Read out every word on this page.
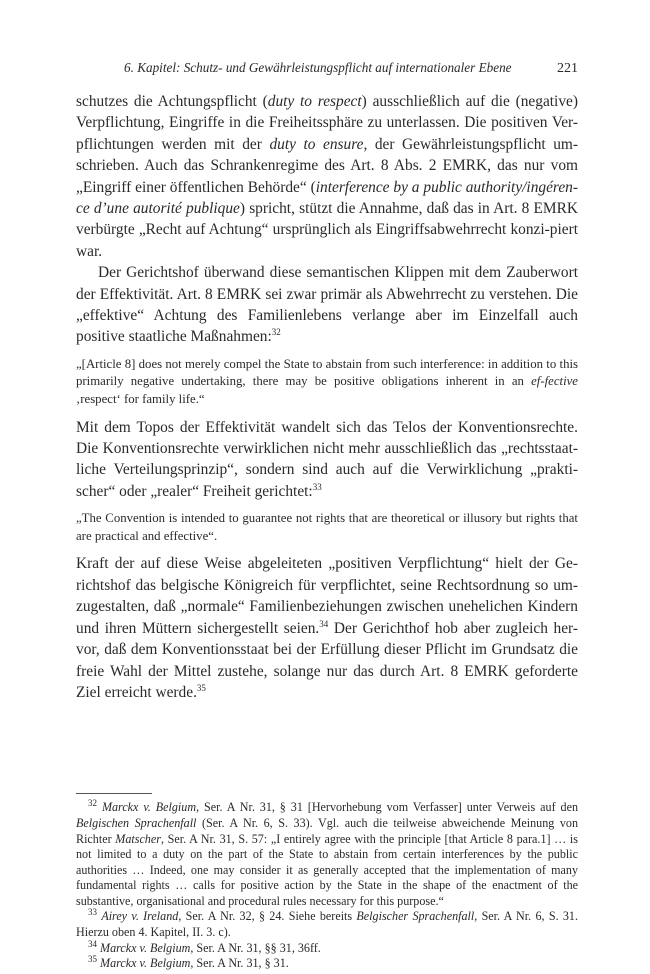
6. Kapitel: Schutz- und Gewährleistungspflicht auf internationaler Ebene	221

schutzes die Achtungspflicht (duty to respect) ausschließlich auf die (negative) Verpflichtung, Eingriffe in die Freiheitssphäre zu unterlassen. Die positiven Ver-pflichtungen werden mit der duty to ensure, der Gewährleistungspflicht um-schrieben. Auch das Schrankenregime des Art. 8 Abs. 2 EMRK, das nur vom „Eingriff einer öffentlichen Behörde“ (interference by a public authority/ingéren-ce d’une autorité publique) spricht, stützt die Annahme, daß das in Art. 8 EMRK verbürgte „Recht auf Achtung“ ursprünglich als Eingriffsabwehrrecht konzi-piert war.

Der Gerichtshof überwand diese semantischen Klippen mit dem Zauberwort der Effektivität. Art. 8 EMRK sei zwar primär als Abwehrrecht zu verstehen. Die „effektive“ Achtung des Familienlebens verlange aber im Einzelfall auch positive staatliche Maßnahmen:$^{32}$

„[Article 8] does not merely compel the State to abstain from such interference: in addition to this primarily negative undertaking, there may be positive obligations inherent in an ef-fective ‚respect‘ for family life.“

Mit dem Topos der Effektivität wandelt sich das Telos der Konventionsrechte. Die Konventionsrechte verwirklichen nicht mehr ausschließlich das „rechtsstaat-liche Verteilungsprinzip“, sondern sind auch auf die Verwirklichung „prakti-scher“ oder „realer“ Freiheit gerichtet:$^{33}$

„The Convention is intended to guarantee not rights that are theoretical or illusory but rights that are practical and effective“.

Kraft der auf diese Weise abgeleiteten „positiven Verpflichtung“ hielt der Ge-richtshof das belgische Königreich für verpflichtet, seine Rechtsordnung so um-zugestalten, daß „normale“ Familienbeziehungen zwischen unehelichen Kindern und ihren Müttern sichergestellt seien.$^{34}$ Der Gerichthof hob aber zugleich her-vor, daß dem Konventionsstaat bei der Erfüllung dieser Pflicht im Grundsatz die freie Wahl der Mittel zustehe, solange nur das durch Art. 8 EMRK geforderte Ziel erreicht werde.$^{35}$

$^{32}$ Marckx v. Belgium, Ser. A Nr. 31, § 31 [Hervorhebung vom Verfasser] unter Verweis auf den Belgischen Sprachenfall (Ser. A Nr. 6, S. 33). Vgl. auch die teilweise abweichende Meinung von Richter Matscher, Ser. A Nr. 31, S. 57: „I entirely agree with the principle [that Article 8 para.1] … is not limited to a duty on the part of the State to abstain from certain interferences by the public authorities … Indeed, one may consider it as generally accepted that the implementation of many fundamental rights … calls for positive action by the State in the shape of the enactment of the substantive, organisational and procedural rules necessary for this purpose.“

$^{33}$ Airey v. Ireland, Ser. A Nr. 32, § 24. Siehe bereits Belgischer Sprachenfall, Ser. A Nr. 6, S. 31. Hierzu oben 4. Kapitel, II. 3. c).

$^{34}$ Marckx v. Belgium, Ser. A Nr. 31, §§ 31, 36ff.

$^{35}$ Marckx v. Belgium, Ser. A Nr. 31, § 31.
